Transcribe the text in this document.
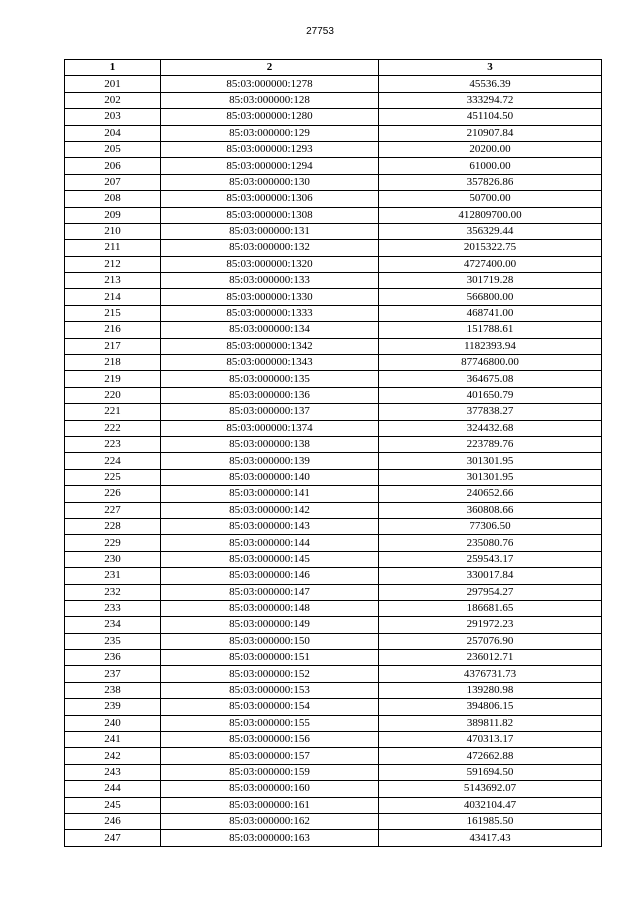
27753
1	2	3
201	85:03:000000:1278	45536.39
202	85:03:000000:128	333294.72
203	85:03:000000:1280	451104.50
204	85:03:000000:129	210907.84
205	85:03:000000:1293	20200.00
206	85:03:000000:1294	61000.00
207	85:03:000000:130	357826.86
208	85:03:000000:1306	50700.00
209	85:03:000000:1308	412809700.00
210	85:03:000000:131	356329.44
211	85:03:000000:132	2015322.75
212	85:03:000000:1320	4727400.00
213	85:03:000000:133	301719.28
214	85:03:000000:1330	566800.00
215	85:03:000000:1333	468741.00
216	85:03:000000:134	151788.61
217	85:03:000000:1342	1182393.94
218	85:03:000000:1343	87746800.00
219	85:03:000000:135	364675.08
220	85:03:000000:136	401650.79
221	85:03:000000:137	377838.27
222	85:03:000000:1374	324432.68
223	85:03:000000:138	223789.76
224	85:03:000000:139	301301.95
225	85:03:000000:140	301301.95
226	85:03:000000:141	240652.66
227	85:03:000000:142	360808.66
228	85:03:000000:143	77306.50
229	85:03:000000:144	235080.76
230	85:03:000000:145	259543.17
231	85:03:000000:146	330017.84
232	85:03:000000:147	297954.27
233	85:03:000000:148	186681.65
234	85:03:000000:149	291972.23
235	85:03:000000:150	257076.90
236	85:03:000000:151	236012.71
237	85:03:000000:152	4376731.73
238	85:03:000000:153	139280.98
239	85:03:000000:154	394806.15
240	85:03:000000:155	389811.82
241	85:03:000000:156	470313.17
242	85:03:000000:157	472662.88
243	85:03:000000:159	591694.50
244	85:03:000000:160	5143692.07
245	85:03:000000:161	4032104.47
246	85:03:000000:162	161985.50
247	85:03:000000:163	43417.43
